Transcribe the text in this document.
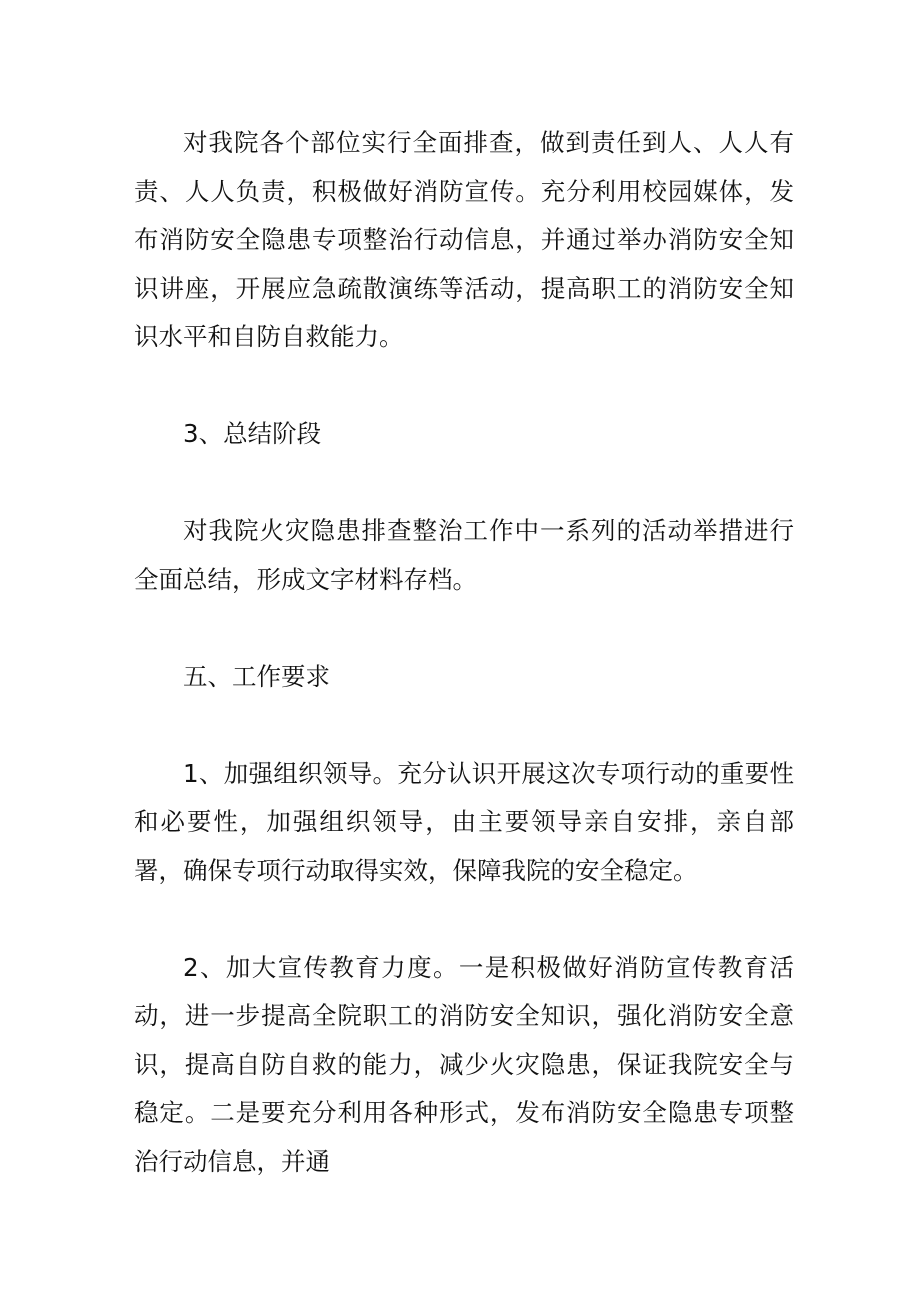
对我院各个部位实行全面排查，做到责任到人、人人有责、人人负责，积极做好消防宣传。充分利用校园媒体，发布消防安全隐患专项整治行动信息，并通过举办消防安全知识讲座，开展应急疏散演练等活动，提高职工的消防安全知识水平和自防自救能力。

3、总结阶段

对我院火灾隐患排查整治工作中一系列的活动举措进行全面总结，形成文字材料存档。

五、工作要求

1、加强组织领导。充分认识开展这次专项行动的重要性和必要性，加强组织领导，由主要领导亲自安排，亲自部署，确保专项行动取得实效，保障我院的安全稳定。

2、加大宣传教育力度。一是积极做好消防宣传教育活动，进一步提高全院职工的消防安全知识，强化消防安全意识，提高自防自救的能力，减少火灾隐患，保证我院安全与稳定。二是要充分利用各种形式，发布消防安全隐患专项整治行动信息，并通
